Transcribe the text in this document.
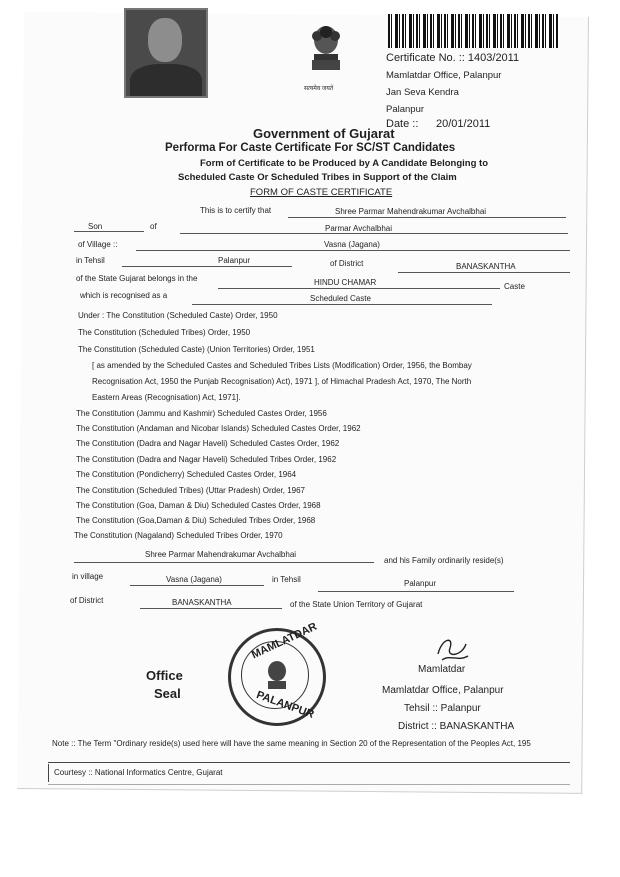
सत्यमेव जयते
Certificate No. :: 1403/2011
Mamlatdar Office, Palanpur
Jan Seva Kendra
Palanpur
Date :: 20/01/2011
Government of Gujarat
Performa For Caste Certificate For SC/ST Candidates
Form of Certificate to be Produced by A Candidate Belonging to
Scheduled Caste Or Scheduled Tribes in Support of the Claim
FORM OF CASTE CERTIFICATE
This is to certify that	Shree Parmar Mahendrakumar Avchalbhai
Son	of	Parmar Avchalbhai
of Village ::	Vasna (Jagana)
in Tehsil	Palanpur	of District	BANASKANTHA
of the State Gujarat belongs in the	HINDU CHAMAR	Caste
which is recognised as a	Scheduled Caste
Under : The Constitution (Scheduled Caste) Order, 1950
The Constitution (Scheduled Tribes) Order, 1950
The Constitution (Scheduled Caste) (Union Territories) Order, 1951
[ as amended by the Scheduled Castes and Scheduled Tribes Lists (Modification) Order, 1956, the Bombay
Recognisation Act, 1950 the Punjab Recognisation) Act), 1971 ], of Himachal Pradesh Act, 1970, The North
Eastern Areas (Recognisation) Act, 1971].
The Constitution (Jammu and Kashmir) Scheduled Castes Order, 1956
The Constitution (Andaman and Nicobar Islands) Scheduled Castes Order, 1962
The Constitution (Dadra and Nagar Haveli) Scheduled Castes Order, 1962
The Constitution (Dadra and Nagar Haveli) Scheduled Tribes Order, 1962
The Constitution (Pondicherry) Scheduled Castes Order, 1964
The Constitution (Scheduled Tribes) (Uttar Pradesh) Order, 1967
The Constitution (Goa, Daman & Diu) Scheduled Castes Order, 1968
The Constitution (Goa,Daman & Diu) Scheduled Tribes Order, 1968
The Constitution (Nagaland) Scheduled Tribes Order, 1970
Shree Parmar Mahendrakumar Avchalbhai
and his Family ordinarily reside(s)
in village	Vasna (Jagana)	in Tehsil	Palanpur
of District	BANASKANTHA	of the State Union Territory of Gujarat
Office
Seal
MAMLATDAR
PALANPUR
Mamlatdar
Mamlatdar Office, Palanpur
Tehsil :: Palanpur
District :: BANASKANTHA
Note :: The Term "Ordinary reside(s) used here will have the same meaning in Section 20 of the Representation of the Peoples Act, 195
Courtesy :: National Informatics Centre, Gujarat
